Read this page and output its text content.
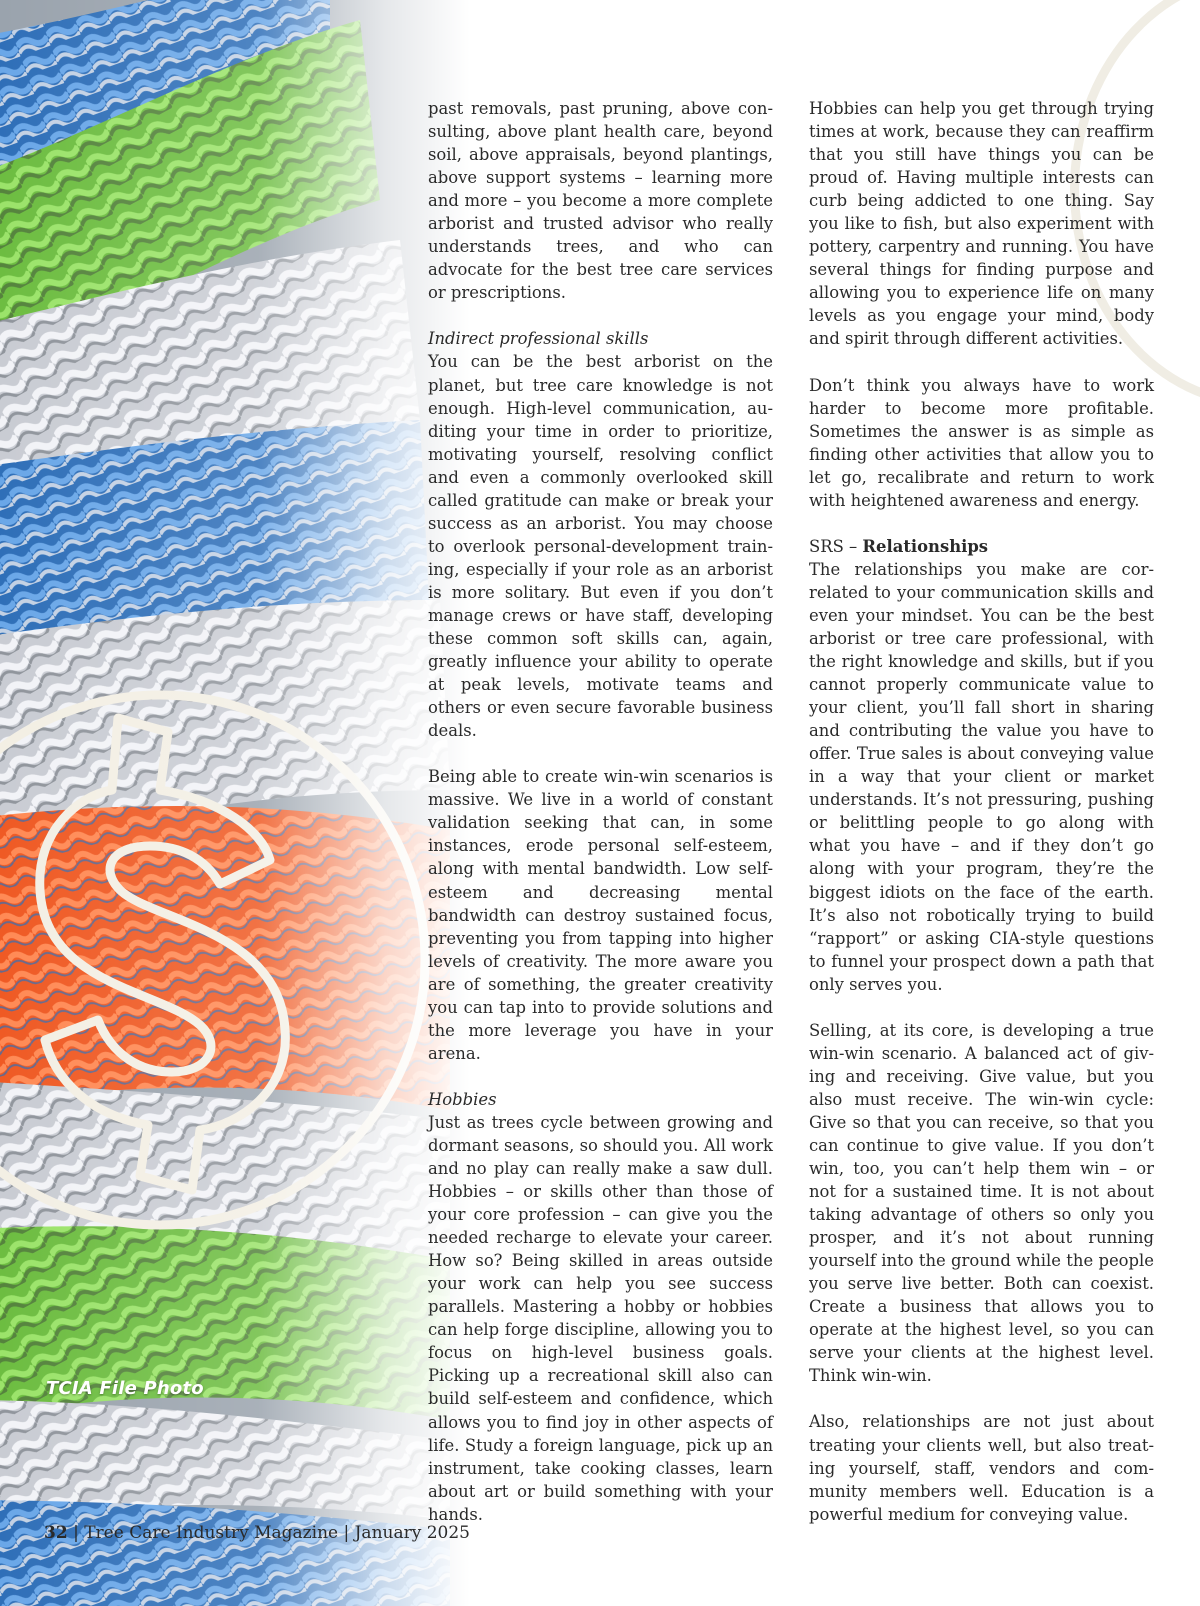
TCIA File Photo

past removals, past pruning, above consulting, above plant health care, beyond soil, above appraisals, beyond plantings, above support systems – learning more and more – you become a more complete arborist and trusted advisor who really understands trees, and who can advocate for the best tree care services or prescriptions.

Indirect professional skills

You can be the best arborist on the planet, but tree care knowledge is not enough. High-level communication, auditing your time in order to prioritize, motivating yourself, resolving conflict and even a commonly overlooked skill called gratitude can make or break your success as an arborist. You may choose to overlook personal-development training, especially if your role as an arborist is more solitary. But even if you don’t manage crews or have staff, developing these common soft skills can, again, greatly influence your ability to operate at peak levels, motivate teams and others or even secure favorable business deals.

Being able to create win-win scenarios is massive. We live in a world of constant validation seeking that can, in some instances, erode personal self-esteem, along with mental bandwidth. Low self-esteem and decreasing mental bandwidth can destroy sustained focus, preventing you from tapping into higher levels of creativity. The more aware you are of something, the greater creativity you can tap into to provide solutions and the more leverage you have in your arena.

Hobbies

Just as trees cycle between growing and dormant seasons, so should you. All work and no play can really make a saw dull. Hobbies – or skills other than those of your core profession – can give you the needed recharge to elevate your career. How so? Being skilled in areas outside your work can help you see success parallels. Mastering a hobby or hobbies can help forge discipline, allowing you to focus on high-level business goals. Picking up a recreational skill also can build self-esteem and confidence, which allows you to find joy in other aspects of life. Study a foreign language, pick up an instrument, take cooking classes, learn about art or build something with your hands.

Hobbies can help you get through trying times at work, because they can reaffirm that you still have things you can be proud of. Having multiple interests can curb being addicted to one thing. Say you like to fish, but also experiment with pottery, carpentry and running. You have several things for finding purpose and allowing you to experience life on many levels as you engage your mind, body and spirit through different activities.

Don’t think you always have to work harder to become more profitable. Sometimes the answer is as simple as finding other activities that allow you to let go, recalibrate and return to work with heightened awareness and energy.

SRS – Relationships

The relationships you make are correlated to your communication skills and even your mindset. You can be the best arborist or tree care professional, with the right knowledge and skills, but if you cannot properly communicate value to your client, you’ll fall short in sharing and contributing the value you have to offer. True sales is about conveying value in a way that your client or market understands. It’s not pressuring, pushing or belittling people to go along with what you have – and if they don’t go along with your program, they’re the biggest idiots on the face of the earth. It’s also not robotically trying to build “rapport” or asking CIA-style questions to funnel your prospect down a path that only serves you.

Selling, at its core, is developing a true win-win scenario. A balanced act of giving and receiving. Give value, but you also must receive. The win-win cycle: Give so that you can receive, so that you can continue to give value. If you don’t win, too, you can’t help them win – or not for a sustained time. It is not about taking advantage of others so only you prosper, and it’s not about running yourself into the ground while the people you serve live better. Both can coexist. Create a business that allows you to operate at the highest level, so you can serve your clients at the highest level. Think win-win.

Also, relationships are not just about treating your clients well, but also treating yourself, staff, vendors and community members well. Education is a powerful medium for conveying value.

32 | Tree Care Industry Magazine | January 2025
